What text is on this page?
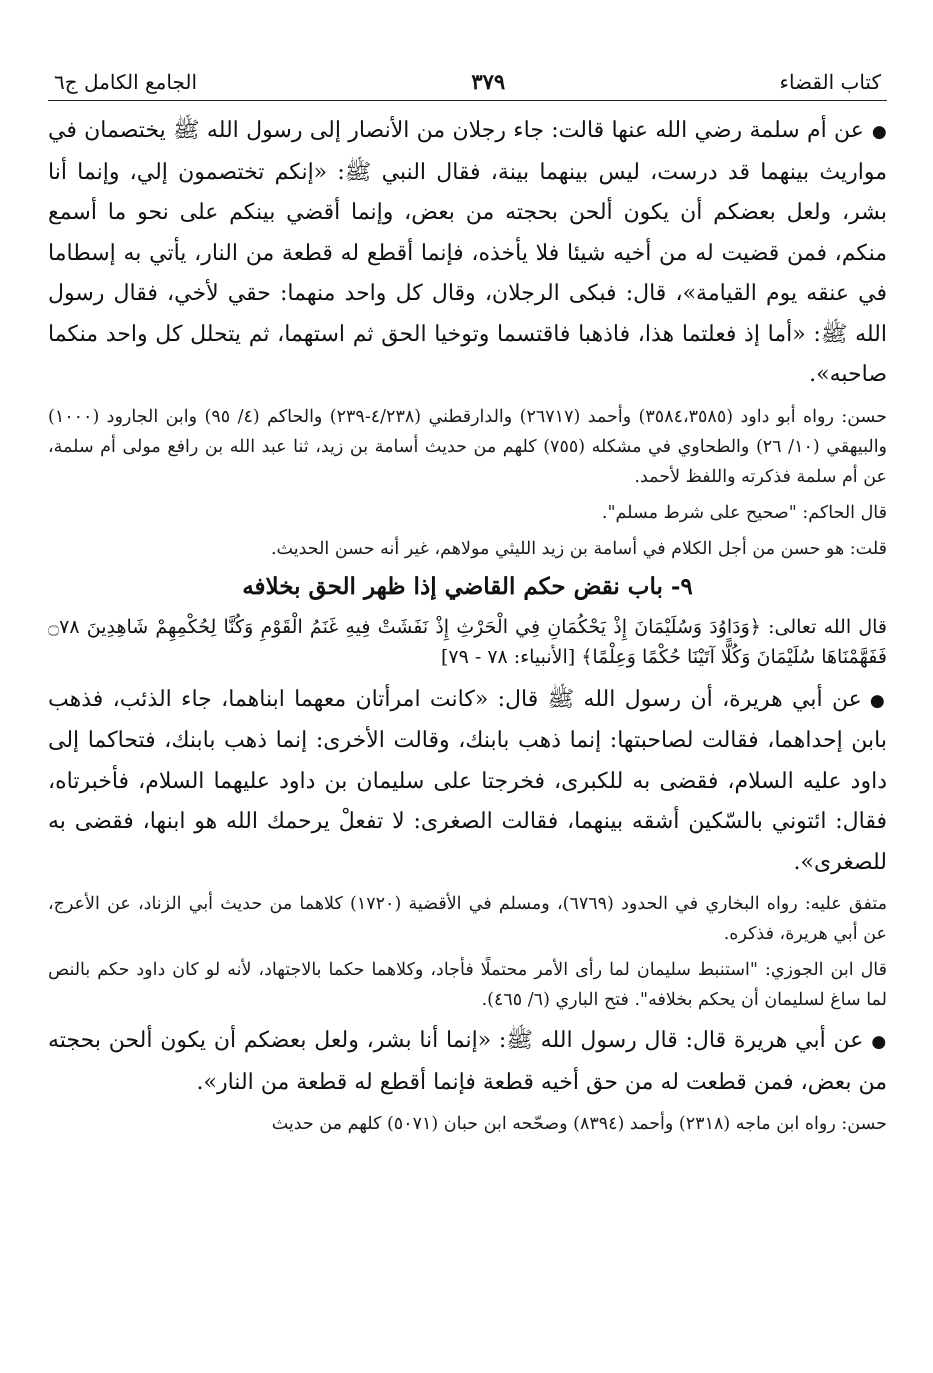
كتاب القضاء
٣٧٩
الجامع الكامل ج٦

●عن أم سلمة رضي الله عنها قالت: جاء رجلان من الأنصار إلى رسول الله ﷺ يختصمان في مواريث بينهما قد درست، ليس بينهما بينة، فقال النبي ﷺ: «إنكم تختصمون إلي، وإنما أنا بشر، ولعل بعضكم أن يكون ألحن بحجته من بعض، وإنما أقضي بينكم على نحو ما أسمع منكم، فمن قضيت له من أخيه شيئا فلا يأخذه، فإنما أقطع له قطعة من النار، يأتي به إسطاما في عنقه يوم القيامة»، قال: فبكى الرجلان، وقال كل واحد منهما: حقي لأخي، فقال رسول الله ﷺ: «أما إذ فعلتما هذا، فاذهبا فاقتسما وتوخيا الحق ثم استهما، ثم يتحلل كل واحد منكما صاحبه».

حسن: رواه أبو داود (٣٥٨٤،٣٥٨٥) وأحمد (٢٦٧١٧) والدارقطني (٤/٢٣٨-٢٣٩) والحاكم (٤/ ٩٥) وابن الجارود (١٠٠٠) والبيهقي (١٠/ ٢٦) والطحاوي في مشكله (٧٥٥) كلهم من حديث أسامة بن زيد، ثنا عبد الله بن رافع مولى أم سلمة، عن أم سلمة فذكرته واللفظ لأحمد.

قال الحاكم: "صحيح على شرط مسلم".

قلت: هو حسن من أجل الكلام في أسامة بن زيد الليثي مولاهم، غير أنه حسن الحديث.

٩- باب نقض حكم القاضي إذا ظهر الحق بخلافه

قال الله تعالى: ﴿وَدَاوُدَ وَسُلَيْمَانَ إِذْ يَحْكُمَانِ فِي الْحَرْثِ إِذْ نَفَشَتْ فِيهِ غَنَمُ الْقَوْمِ وَكُنَّا لِحُكْمِهِمْ شَاهِدِينَ ۝٧٨ فَفَهَّمْنَاهَا سُلَيْمَانَ وَكُلًّا آتَيْنَا حُكْمًا وَعِلْمًا﴾ [الأنبياء: ٧٨ - ٧٩]

●عن أبي هريرة، أن رسول الله ﷺ قال: «كانت امرأتان معهما ابناهما، جاء الذئب، فذهب بابن إحداهما، فقالت لصاحبتها: إنما ذهب بابنك، وقالت الأخرى: إنما ذهب بابنك، فتحاكما إلى داود عليه السلام، فقضى به للكبرى، فخرجتا على سليمان بن داود عليهما السلام، فأخبرتاه، فقال: ائتوني بالسّكين أشقه بينهما، فقالت الصغرى: لا تفعلْ يرحمك الله هو ابنها، فقضى به للصغرى».

متفق عليه: رواه البخاري في الحدود (٦٧٦٩)، ومسلم في الأقضية (١٧٢٠) كلاهما من حديث أبي الزناد، عن الأعرج، عن أبي هريرة، فذكره.

قال ابن الجوزي: "استنبط سليمان لما رأى الأمر محتملًا فأجاد، وكلاهما حكما بالاجتهاد، لأنه لو كان داود حكم بالنص لما ساغ لسليمان أن يحكم بخلافه". فتح الباري (٦/ ٤٦٥).

●عن أبي هريرة قال: قال رسول الله ﷺ: «إنما أنا بشر، ولعل بعضكم أن يكون ألحن بحجته من بعض، فمن قطعت له من حق أخيه قطعة فإنما أقطع له قطعة من النار».

حسن: رواه ابن ماجه (٢٣١٨) وأحمد (٨٣٩٤) وصحّحه ابن حبان (٥٠٧١) كلهم من حديث
